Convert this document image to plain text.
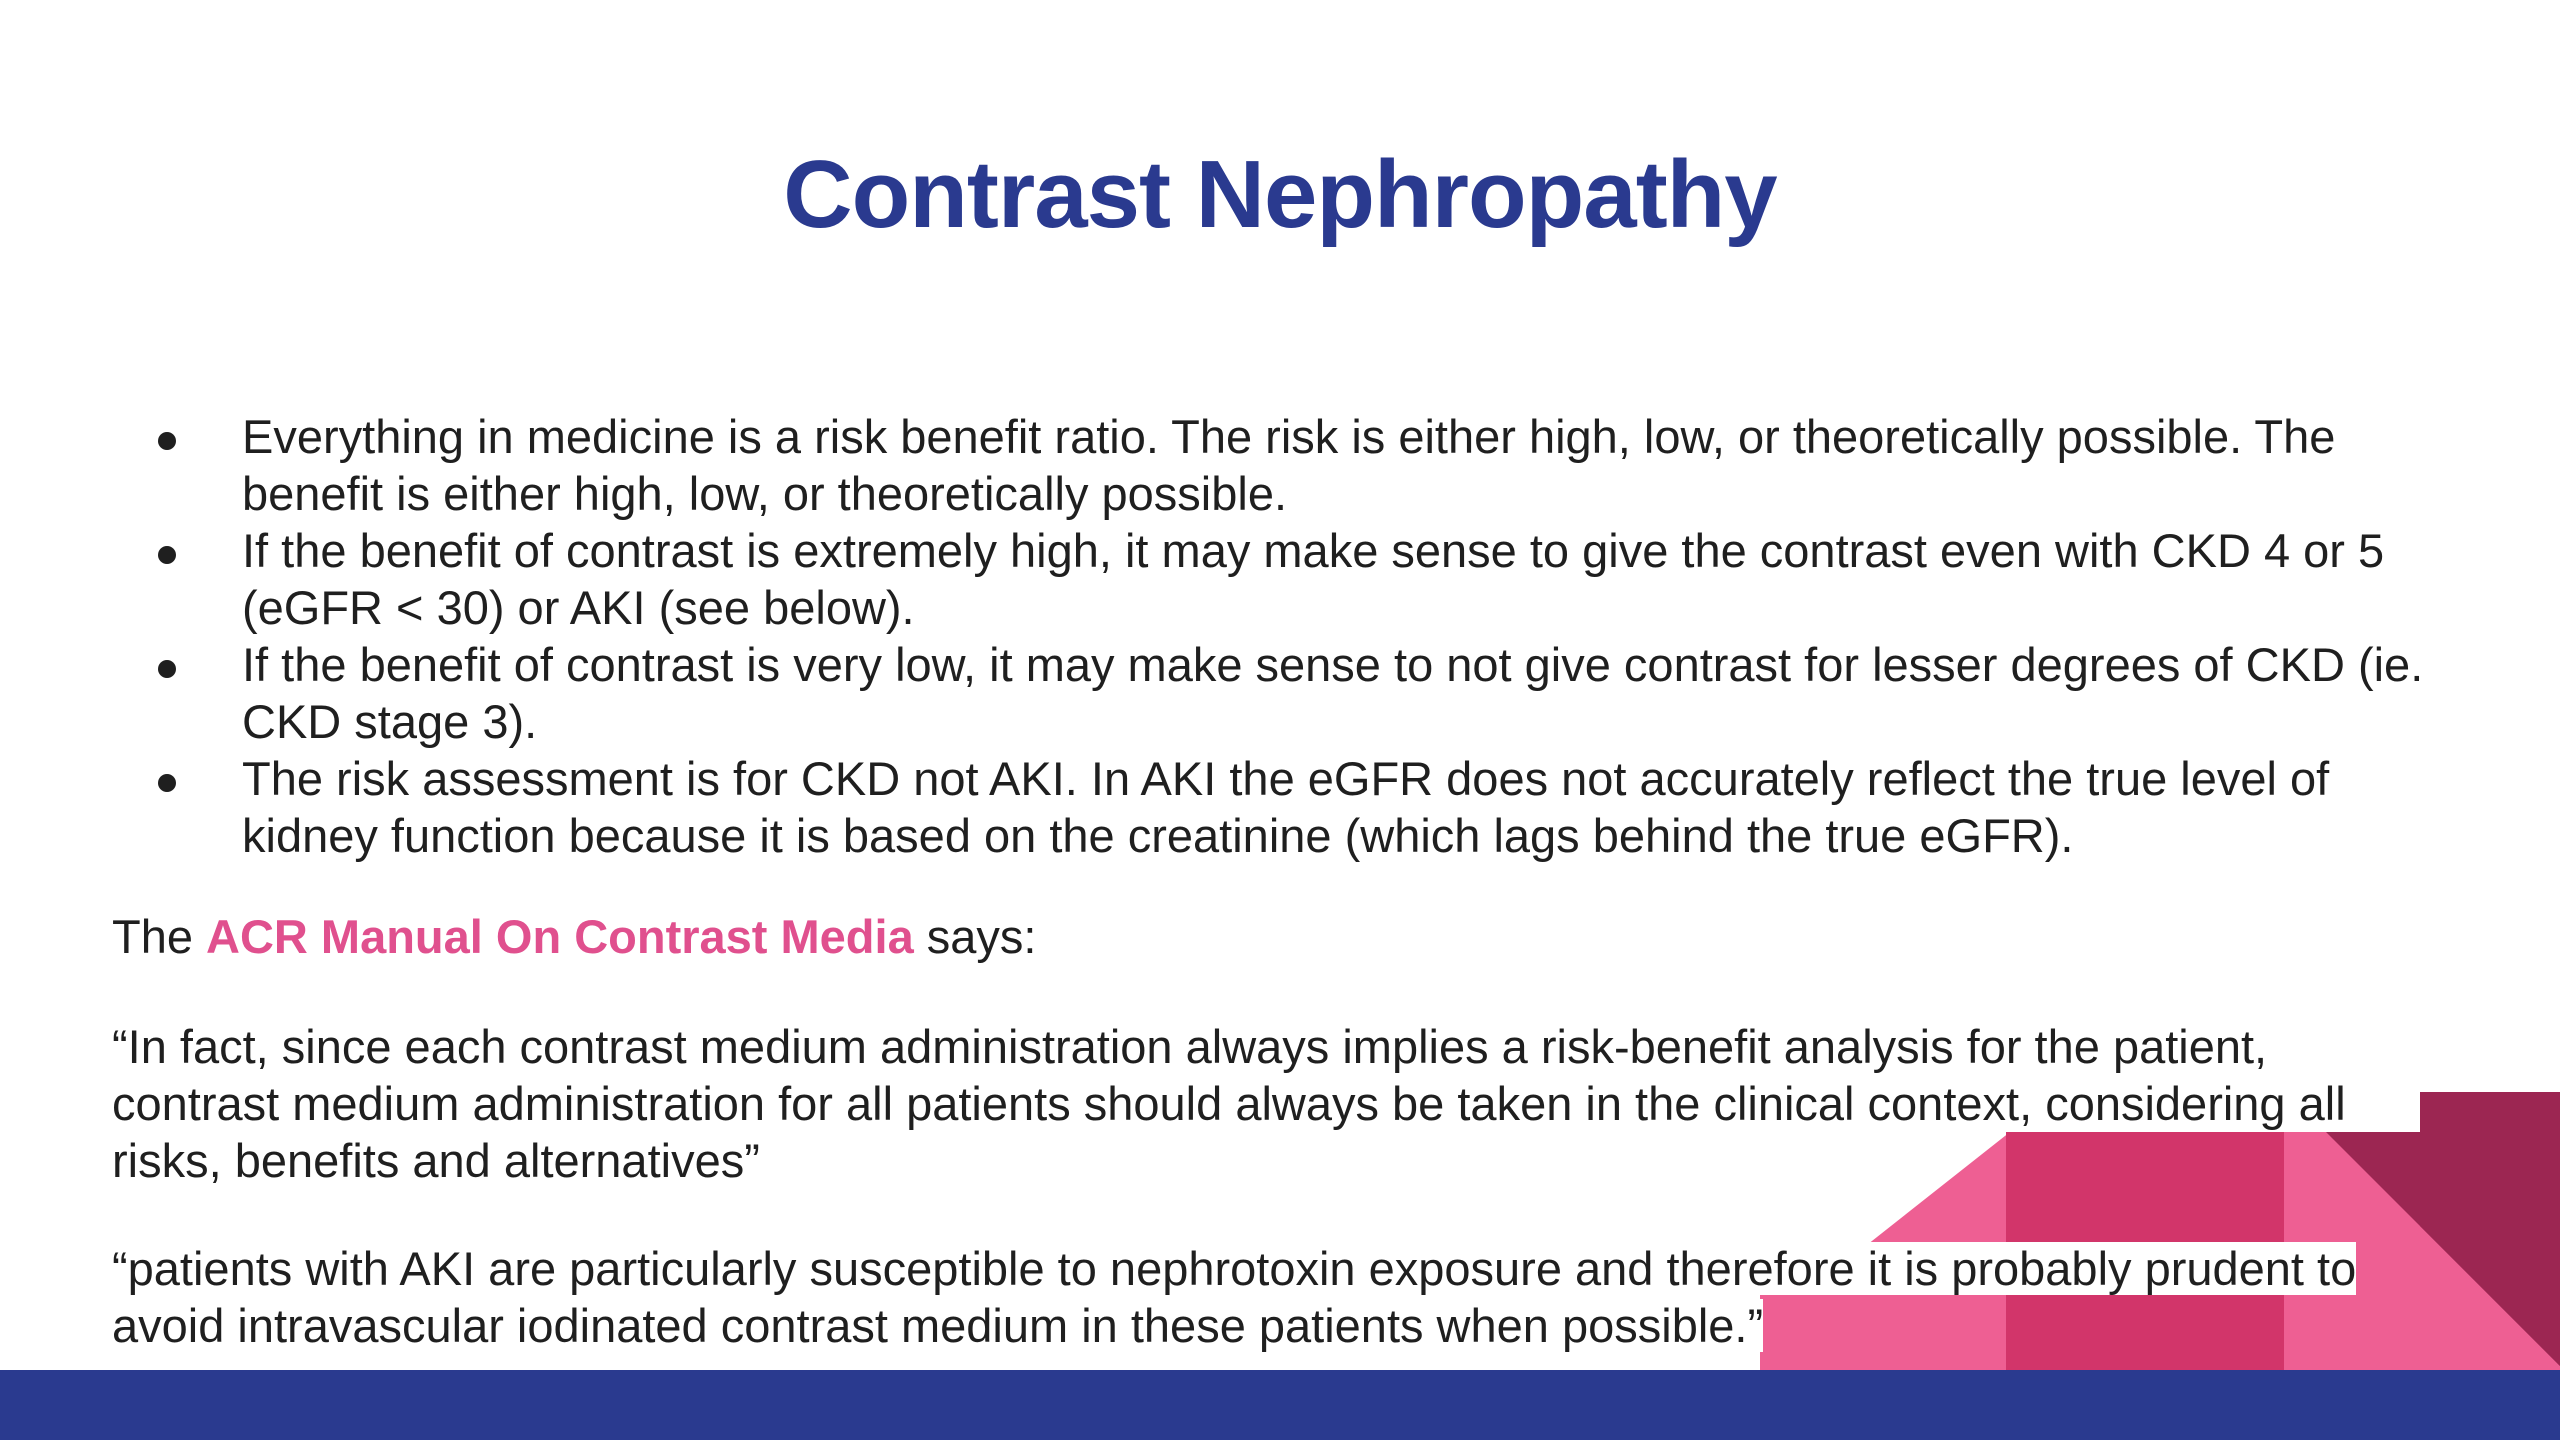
Contrast Nephropathy
Everything in medicine is a risk benefit ratio. The risk is either high, low, or theoretically possible. The benefit is either high, low, or theoretically possible.
If the benefit of contrast is extremely high, it may make sense to give the contrast even with CKD 4 or 5 (eGFR < 30) or AKI (see below).
If the benefit of contrast is very low, it may make sense to not give contrast for lesser degrees of CKD (ie. CKD stage 3).
The risk assessment is for CKD not AKI. In AKI the eGFR does not accurately reflect the true level of kidney function because it is based on the creatinine (which lags behind the true eGFR).
The ACR Manual On Contrast Media says:
“In fact, since each contrast medium administration always implies a risk-benefit analysis for the patient, contrast medium administration for all patients should always be taken in the clinical context, considering all risks, benefits and alternatives”
“patients with AKI are particularly susceptible to nephrotoxin exposure and therefore it is probably prudent to avoid intravascular iodinated contrast medium in these patients when possible.”
